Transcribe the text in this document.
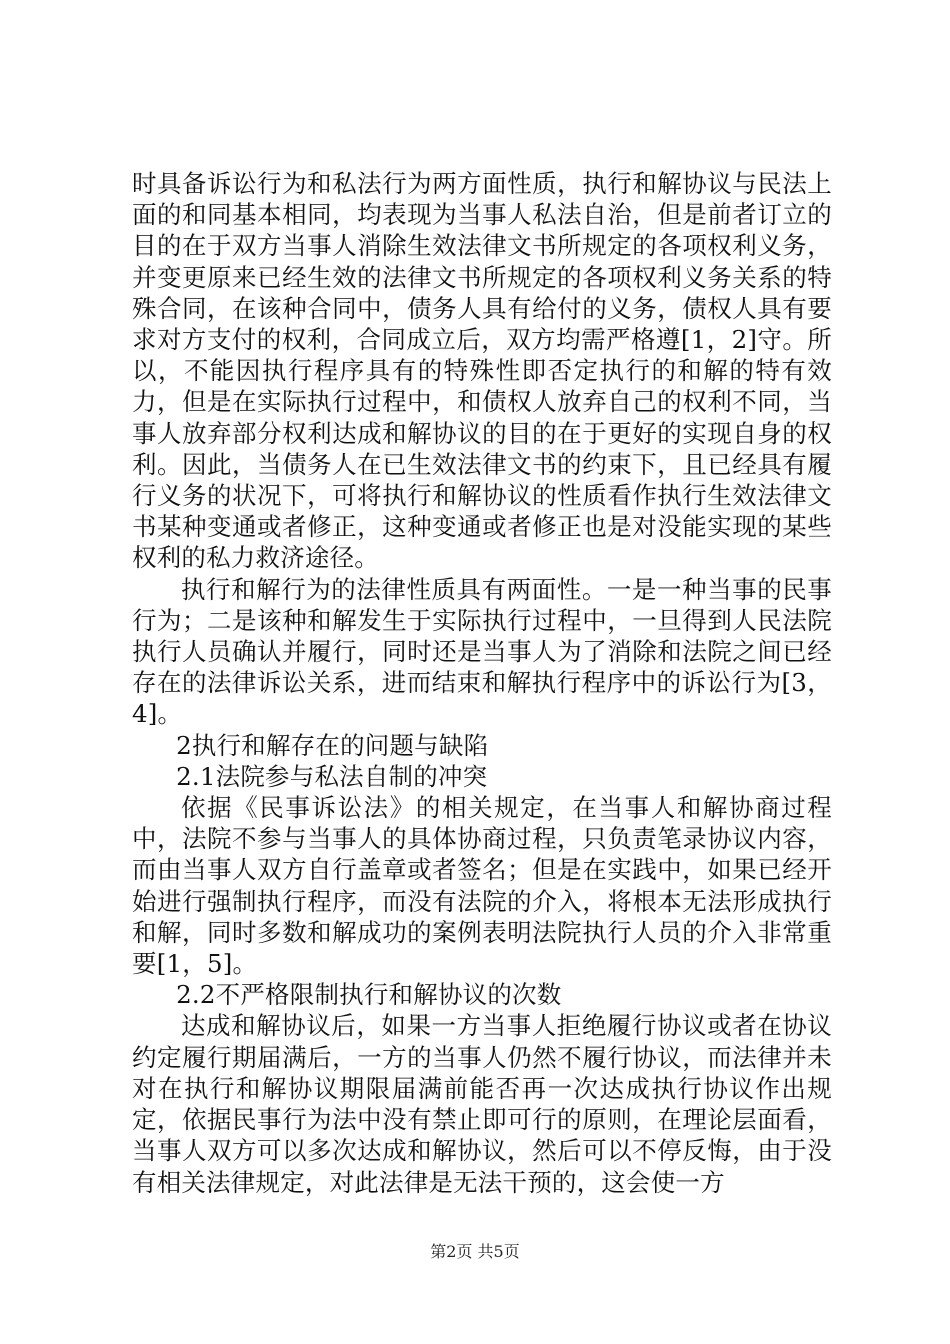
时具备诉讼行为和私法行为两方面性质，执行和解协议与民法上面的和同基本相同，均表现为当事人私法自治，但是前者订立的目的在于双方当事人消除生效法律文书所规定的各项权利义务，并变更原来已经生效的法律文书所规定的各项权利义务关系的特殊合同，在该种合同中，债务人具有给付的义务，债权人具有要求对方支付的权利，合同成立后，双方均需严格遵[1，2]守。所以，不能因执行程序具有的特殊性即否定执行的和解的特有效力，但是在实际执行过程中，和债权人放弃自己的权利不同，当事人放弃部分权利达成和解协议的目的在于更好的实现自身的权利。因此，当债务人在已生效法律文书的约束下，且已经具有履行义务的状况下，可将执行和解协议的性质看作执行生效法律文书某种变通或者修正，这种变通或者修正也是对没能实现的某些权利的私力救济途径。

执行和解行为的法律性质具有两面性。一是一种当事的民事行为；二是该种和解发生于实际执行过程中，一旦得到人民法院执行人员确认并履行，同时还是当事人为了消除和法院之间已经存在的法律诉讼关系，进而结束和解执行程序中的诉讼行为[3，4]。

2执行和解存在的问题与缺陷

2.1法院参与私法自制的冲突

依据《民事诉讼法》的相关规定，在当事人和解协商过程中，法院不参与当事人的具体协商过程，只负责笔录协议内容，而由当事人双方自行盖章或者签名；但是在实践中，如果已经开始进行强制执行程序，而没有法院的介入，将根本无法形成执行和解，同时多数和解成功的案例表明法院执行人员的介入非常重要[1，5]。

2.2不严格限制执行和解协议的次数

达成和解协议后，如果一方当事人拒绝履行协议或者在协议约定履行期届满后，一方的当事人仍然不履行协议，而法律并未对在执行和解协议期限届满前能否再一次达成执行协议作出规定，依据民事行为法中没有禁止即可行的原则，在理论层面看，当事人双方可以多次达成和解协议，然后可以不停反悔，由于没有相关法律规定，对此法律是无法干预的，这会使一方

第2页 共5页
